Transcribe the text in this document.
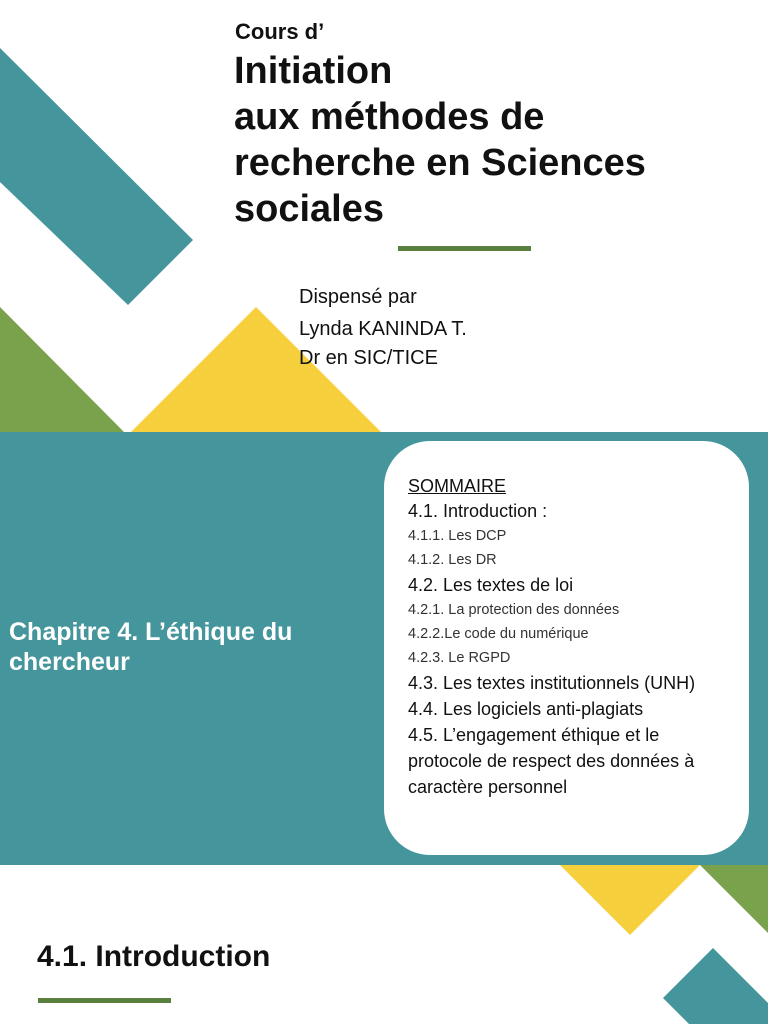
Cours d’
Initiation
aux méthodes de
recherche en Sciences
sociales
Dispensé par
Lynda KANINDA T.
Dr en SIC/TICE
Chapitre 4. L’éthique du chercheur
SOMMAIRE
4.1. Introduction :
4.1.1. Les DCP
4.1.2. Les DR
4.2. Les textes de loi
4.2.1. La protection des données
4.2.2.Le code du numérique
4.2.3. Le RGPD
4.3. Les textes institutionnels (UNH)
4.4. Les logiciels anti-plagiats
4.5. L’engagement éthique et le protocole de respect des données à caractère personnel
4.1. Introduction
